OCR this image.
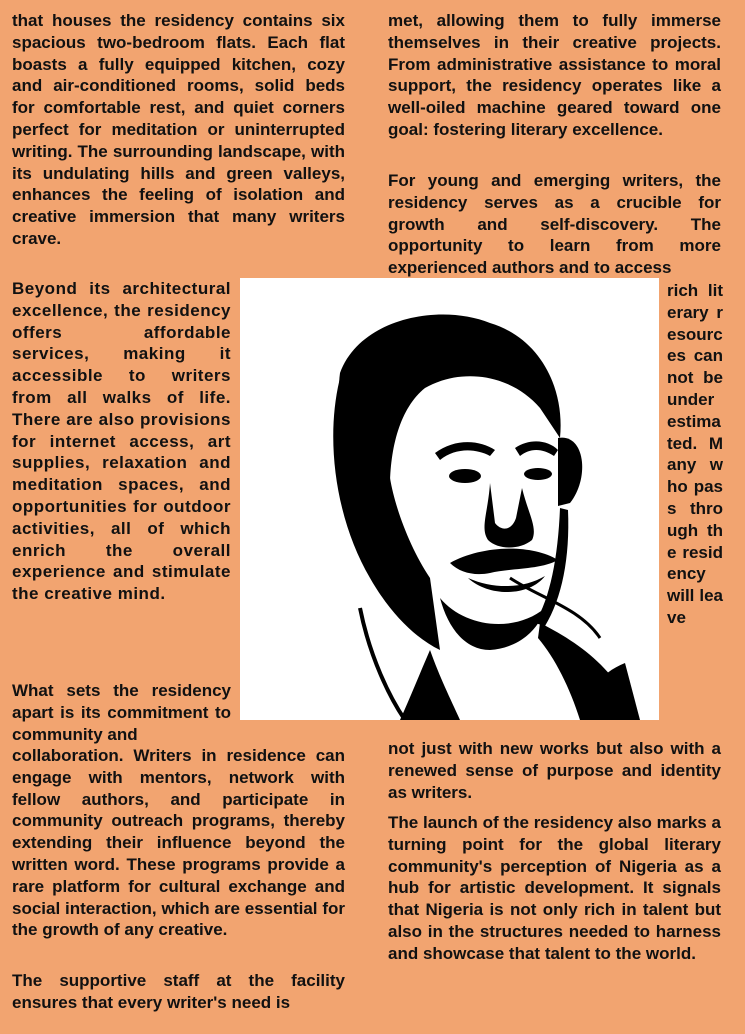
that houses the residency contains six spacious two-bedroom flats. Each flat boasts a fully equipped kitchen, cozy and air-conditioned rooms, solid beds for comfortable rest, and quiet corners perfect for meditation or uninterrupted writing. The surrounding landscape, with its undulating hills and green valleys, enhances the feeling of isolation and creative immersion that many writers crave.

Beyond its architectural excellence, the residency offers affordable services, making it accessible to writers from all walks of life. There are also provisions for internet access, art supplies, relaxation and meditation spaces, and opportunities for outdoor activities, all of which enrich the overall experience and stimulate the creative mind.

What sets the residency apart is its commitment to community and

collaboration. Writers in residence can engage with mentors, network with fellow authors, and participate in community outreach programs, thereby extending their influence beyond the written word. These programs provide a rare platform for cultural exchange and social interaction, which are essential for the growth of any creative.

The supportive staff at the facility ensures that every writer's need is

met, allowing them to fully immerse themselves in their creative projects. From administrative assistance to moral support, the residency operates like a well-oiled machine geared toward one goal: fostering literary excellence.

For young and emerging writers, the residency serves as a crucible for growth and self-discovery. The opportunity to learn from more experienced authors and to access

rich literary resources cannot be underestimated. Many who pass through the residency will leave

not just with new works but also with a renewed sense of purpose and identity as writers.

The launch of the residency also marks a turning point for the global literary community's perception of Nigeria as a hub for artistic development. It signals that Nigeria is not only rich in talent but also in the structures needed to harness and showcase that talent to the world.
